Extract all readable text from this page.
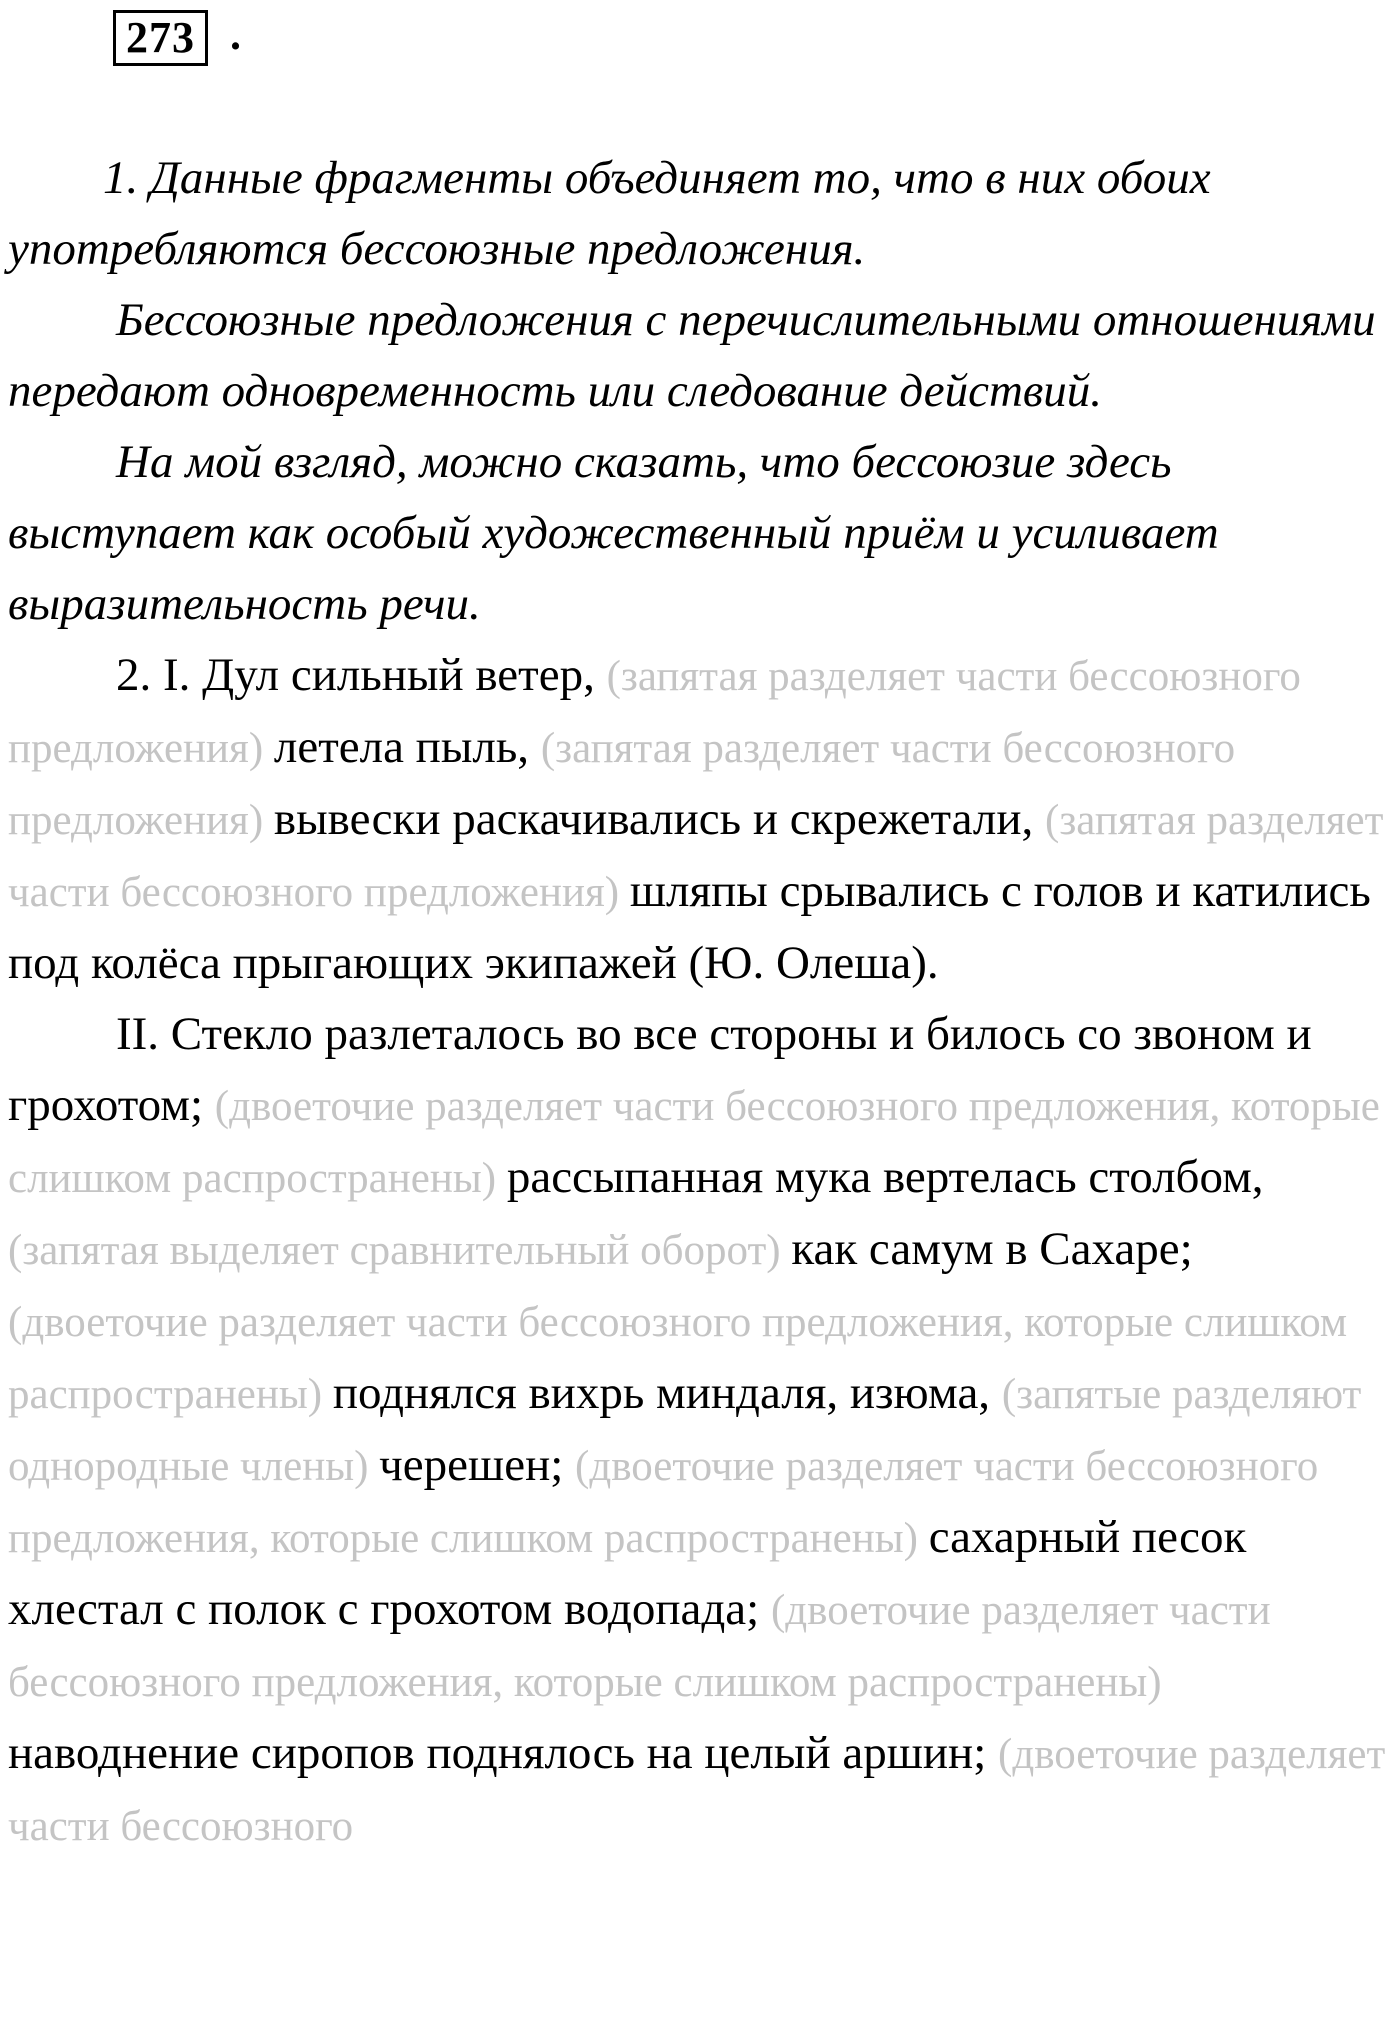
273 .

1. Данные фрагменты объединяет то, что в них обоих употребляются бессоюзные предложения.

Бессоюзные предложения с перечислительными отношениями передают одновременность или следование действий.

На мой взгляд, можно сказать, что бессоюзие здесь выступает как особый художественный приём и усиливает выразительность речи.

2. I. Дул сильный ветер, (запятая разделяет части бессоюзного предложения) летела пыль, (запятая разделяет части бессоюзного предложения) вывески раскачивались и скрежетали, (запятая разделяет части бессоюзного предложения) шляпы срывались с голов и катились под колёса прыгающих экипажей (Ю. Олеша).

II. Стекло разлеталось во все стороны и билось со звоном и грохотом; (двоеточие разделяет части бессоюзного предложения, которые слишком распространены) рассыпанная мука вертелась столбом, (запятая выделяет сравнительный оборот) как самум в Сахаре; (двоеточие разделяет части бессоюзного предложения, которые слишком распространены) поднялся вихрь миндаля, изюма, (запятые разделяют однородные члены) черешен; (двоеточие разделяет части бессоюзного предложения, которые слишком распространены) сахарный песок хлестал с полок с грохотом водопада; (двоеточие разделяет части бессоюзного предложения, которые слишком распространены) наводнение сиропов поднялось на целый аршин; (двоеточие разделяет части бессоюзного
